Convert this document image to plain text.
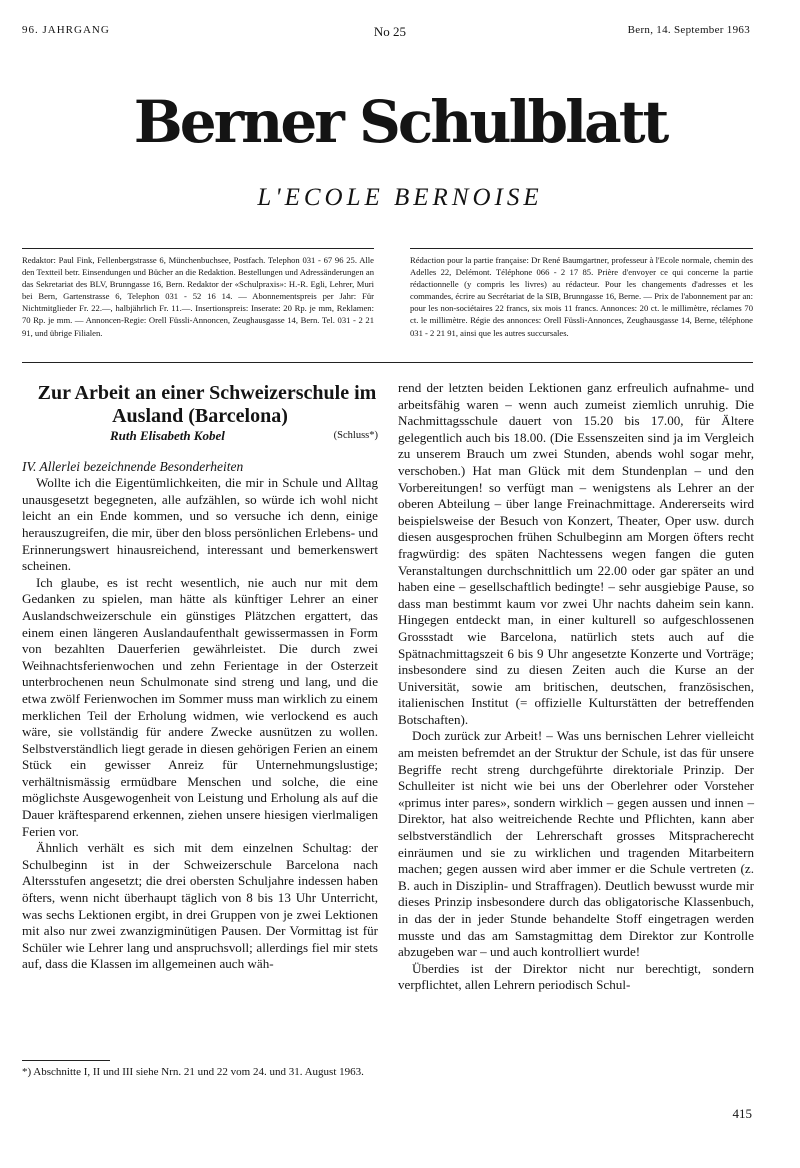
96. JAHRGANG	No 25	Bern, 14. September 1963
Berner Schulblatt
L'ECOLE BERNOISE

Redaktor: Paul Fink, Fellenbergstrasse 6, Münchenbuchsee, Postfach. Telephon 031 - 67 96 25. Alle den Textteil betr. Einsendungen und Bücher an die Redaktion. Bestellungen und Adressänderungen an das Sekretariat des BLV, Brunngasse 16, Bern. Redaktor der «Schulpraxis»: H.-R. Egli, Lehrer, Muri bei Bern, Gartenstrasse 6, Telephon 031 - 52 16 14. — Abonnementspreis per Jahr: Für Nichtmitglieder Fr. 22.—, halbjährlich Fr. 11.—. Insertionspreis: Inserate: 20 Rp. je mm, Reklamen: 70 Rp. je mm. — Annoncen-Regie: Orell Füssli-Annoncen, Zeughausgasse 14, Bern. Tel. 031 - 2 21 91, und übrige Filialen.

Rédaction pour la partie française: Dr René Baumgartner, professeur à l'Ecole normale, chemin des Adelles 22, Delémont. Téléphone 066 - 2 17 85. Prière d'envoyer ce qui concerne la partie rédactionnelle (y compris les livres) au rédacteur. Pour les changements d'adresses et les commandes, écrire au Secrétariat de la SIB, Brunngasse 16, Berne. — Prix de l'abonnement par an: pour les non-sociétaires 22 francs, six mois 11 francs. Annonces: 20 ct. le millimètre, réclames 70 ct. le millimètre. Régie des annonces: Orell Füssli-Annonces, Zeughausgasse 14, Berne, téléphone 031 - 2 21 91, ainsi que les autres succursales.

Zur Arbeit an einer Schweizerschule im Ausland (Barcelona)

Ruth Elisabeth Kobel	(Schluss*)

IV. Allerlei bezeichnende Besonderheiten

Wollte ich die Eigentümlichkeiten, die mir in Schule und Alltag unausgesetzt begegneten, alle aufzählen, so würde ich wohl nicht leicht an ein Ende kommen, und so versuche ich denn, einige herauszugreifen, die mir, über den bloss persönlichen Erlebens- und Erinnerungswert hinausreichend, interessant und bemerkenswert scheinen.

Ich glaube, es ist recht wesentlich, nie auch nur mit dem Gedanken zu spielen, man hätte als künftiger Lehrer an einer Auslandschweizerschule ein günstiges Plätzchen ergattert, das einem einen längeren Auslandaufenthalt gewissermassen in Form von bezahlten Dauerferien gewährleistet. Die durch zwei Weihnachtsferienwochen und zehn Ferientage in der Osterzeit unterbrochenen neun Schulmonate sind streng und lang, und die etwa zwölf Ferienwochen im Sommer muss man wirklich zu einem merklichen Teil der Erholung widmen, wie verlockend es auch wäre, sie vollständig für andere Zwecke ausnützen zu wollen. Selbstverständlich liegt gerade in diesen gehörigen Ferien an einem Stück ein gewisser Anreiz für Unternehmungslustige; verhältnismässig ermüdbare Menschen und solche, die eine möglichste Ausgewogenheit von Leistung und Erholung als auf die Dauer kräftesparend erkennen, ziehen unsere hiesigen vierlmaligen Ferien vor.

Ähnlich verhält es sich mit dem einzelnen Schultag: der Schulbeginn ist in der Schweizerschule Barcelona nach Altersstufen angesetzt; die drei obersten Schuljahre indessen haben öfters, wenn nicht überhaupt täglich von 8 bis 13 Uhr Unterricht, was sechs Lektionen ergibt, in drei Gruppen von je zwei Lektionen mit also nur zwei zwanzigminütigen Pausen. Der Vormittag ist für Schüler wie Lehrer lang und anspruchsvoll; allerdings fiel mir stets auf, dass die Klassen im allgemeinen auch wäh-

*) Abschnitte I, II und III siehe Nrn. 21 und 22 vom 24. und 31. August 1963.

rend der letzten beiden Lektionen ganz erfreulich aufnahme- und arbeitsfähig waren – wenn auch zumeist ziemlich unruhig. Die Nachmittagsschule dauert von 15.20 bis 17.00, für Ältere gelegentlich auch bis 18.00. (Die Essenszeiten sind ja im Vergleich zu unserem Brauch um zwei Stunden, abends wohl sogar mehr, verschoben.) Hat man Glück mit dem Stundenplan – und den Vorbereitungen! so verfügt man – wenigstens als Lehrer an der oberen Abteilung – über lange Freinachmittage. Andererseits wird beispielsweise der Besuch von Konzert, Theater, Oper usw. durch diesen ausgesprochen frühen Schulbeginn am Morgen öfters recht fragwürdig: des späten Nachtessens wegen fangen die guten Veranstaltungen durchschnittlich um 22.00 oder gar später an und haben eine – gesellschaftlich bedingte! – sehr ausgiebige Pause, so dass man bestimmt kaum vor zwei Uhr nachts daheim sein kann. Hingegen entdeckt man, in einer kulturell so aufgeschlossenen Grossstadt wie Barcelona, natürlich stets auch auf die Spätnachmittagszeit 6 bis 9 Uhr angesetzte Konzerte und Vorträge; insbesondere sind zu diesen Zeiten auch die Kurse an der Universität, sowie am britischen, deutschen, französischen, italienischen Institut (= offizielle Kulturstätten der betreffenden Botschaften).

Doch zurück zur Arbeit! – Was uns bernischen Lehrer vielleicht am meisten befremdet an der Struktur der Schule, ist das für unsere Begriffe recht streng durchgeführte direktoriale Prinzip. Der Schulleiter ist nicht wie bei uns der Oberlehrer oder Vorsteher «primus inter pares», sondern wirklich – gegen aussen und innen – Direktor, hat also weitreichende Rechte und Pflichten, kann aber selbstverständlich der Lehrerschaft grosses Mitspracherecht einräumen und sie zu wirklichen und tragenden Mitarbeitern machen; gegen aussen wird aber immer er die Schule vertreten (z. B. auch in Disziplin- und Straffragen). Deutlich bewusst wurde mir dieses Prinzip insbesondere durch das obligatorische Klassenbuch, in das der in jeder Stunde behandelte Stoff eingetragen werden musste und das am Samstagmittag dem Direktor zur Kontrolle abzugeben war – und auch kontrolliert wurde!

Überdies ist der Direktor nicht nur berechtigt, sondern verpflichtet, allen Lehrern periodisch Schul-

415
